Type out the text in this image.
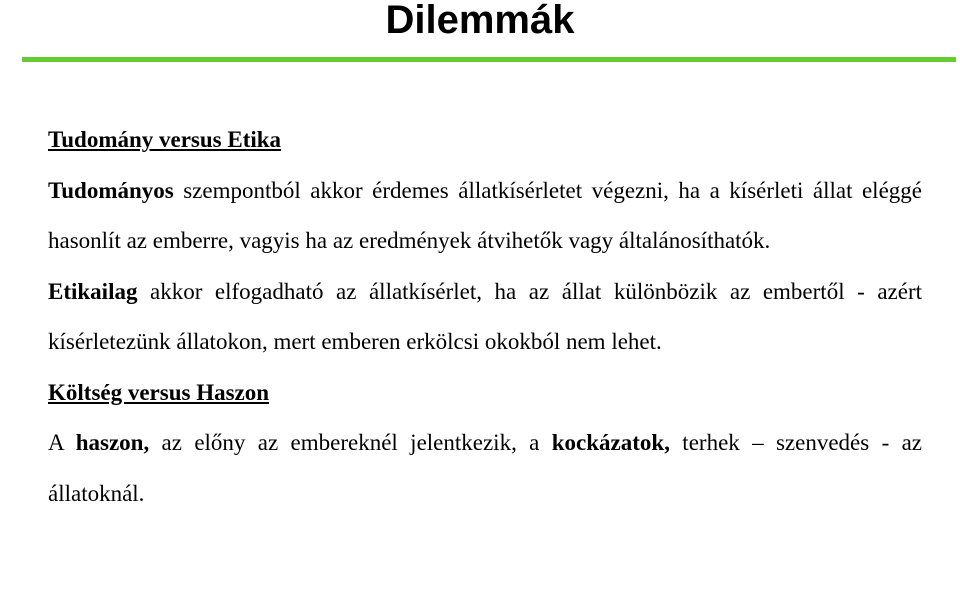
Dilemmák

Tudomány versus Etika

Tudományos szempontból akkor érdemes állatkísérletet végezni, ha a kísérleti állat eléggé hasonlít az emberre, vagyis ha az eredmények átvihetők vagy általánosíthatók.

Etikailag akkor elfogadható az állatkísérlet, ha az állat különbözik az embertől - azért kísérletezünk állatokon, mert emberen erkölcsi okokból nem lehet.

Költség versus Haszon

A haszon, az előny az embereknél jelentkezik, a kockázatok, terhek – szenvedés - az állatoknál.
